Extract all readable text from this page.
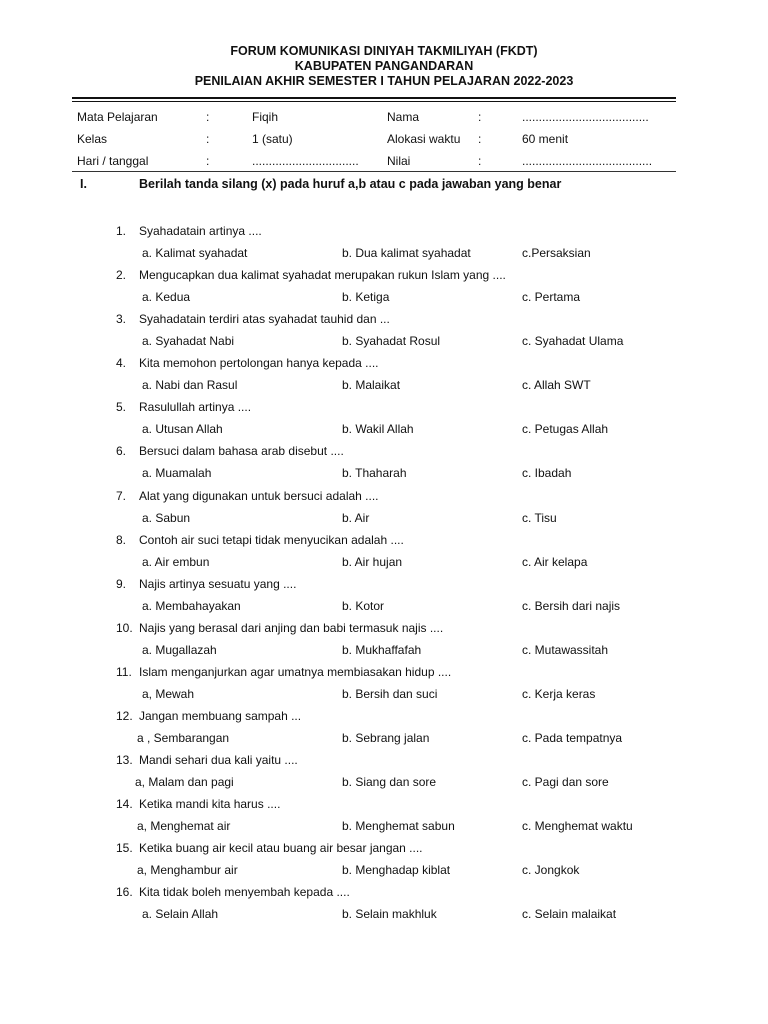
FORUM KOMUNIKASI DINIYAH TAKMILIYAH (FKDT)
KABUPATEN PANGANDARAN
PENILAIAN AKHIR SEMESTER I TAHUN PELAJARAN 2022-2023
Mata Pelajaran	:	Fiqih	Nama	:	......................................
Kelas	:	1 (satu)	Alokasi waktu :	60 menit
Hari / tanggal	:	................................ Nilai	:	.......................................
I.	Berilah tanda silang (x) pada huruf a,b atau c pada jawaban yang benar
1. Syahadatain artinya ....
a. Kalimat syahadat	b. Dua kalimat syahadat	c.Persaksian
2. Mengucapkan dua kalimat syahadat merupakan rukun Islam yang ....
a. Kedua	b. Ketiga	c. Pertama
3. Syahadatain terdiri atas syahadat tauhid dan ...
a. Syahadat Nabi	b. Syahadat Rosul	c. Syahadat Ulama
4. Kita memohon pertolongan hanya kepada ....
a. Nabi dan Rasul	b. Malaikat	c. Allah SWT
5. Rasulullah artinya ....
a. Utusan Allah	b. Wakil Allah	c. Petugas Allah
6. Bersuci dalam bahasa arab disebut ....
a. Muamalah	b. Thaharah	c. Ibadah
7. Alat yang digunakan untuk bersuci adalah ....
a. Sabun	b. Air	c. Tisu
8. Contoh air suci tetapi tidak menyucikan adalah ....
a. Air embun	b. Air hujan	c. Air kelapa
9. Najis artinya sesuatu yang ....
a. Membahayakan	b. Kotor	c. Bersih dari najis
10. Najis yang berasal dari anjing dan babi termasuk najis ....
a. Mugallazah	b. Mukhaffafah	c. Mutawassitah
11. Islam menganjurkan agar umatnya membiasakan hidup ....
a, Mewah	b. Bersih dan suci	c. Kerja keras
12. Jangan membuang sampah ...
a , Sembarangan	b. Sebrang jalan	c. Pada tempatnya
13. Mandi sehari dua kali yaitu ....
a, Malam dan pagi	b. Siang dan sore	c. Pagi dan sore
14. Ketika mandi kita harus ....
a, Menghemat air	b. Menghemat sabun	c. Menghemat waktu
15. Ketika buang air kecil atau buang air besar jangan ....
a, Menghambur air	b. Menghadap kiblat	c. Jongkok
16. Kita tidak boleh menyembah kepada ....
a. Selain Allah	b. Selain makhluk	c. Selain malaikat
